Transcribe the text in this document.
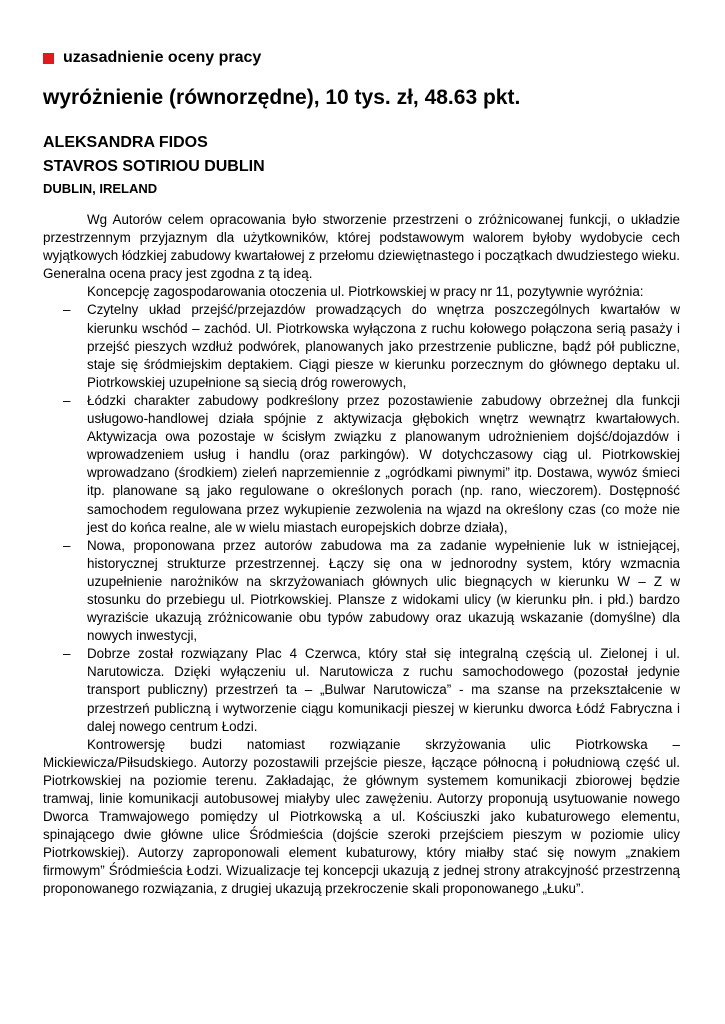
uzasadnienie oceny pracy
wyróżnienie (równorzędne), 10 tys. zł, 48.63 pkt.
ALEKSANDRA FIDOS
STAVROS SOTIRIOU DUBLIN
DUBLIN, IRELAND

Wg Autorów celem opracowania było stworzenie przestrzeni o zróżnicowanej funkcji, o układzie przestrzennym przyjaznym dla użytkowników, której podstawowym walorem byłoby wydobycie cech wyjątkowych łódzkiej zabudowy kwartałowej z przełomu dziewiętnastego i początkach dwudziestego wieku. Generalna ocena pracy jest zgodna z tą ideą.

Koncepcję zagospodarowania otoczenia ul. Piotrkowskiej w pracy nr 11, pozytywnie wyróżnia:

– Czytelny układ przejść/przejazdów prowadzących do wnętrza poszczególnych kwartałów w kierunku wschód – zachód. Ul. Piotrkowska wyłączona z ruchu kołowego połączona serią pasaży i przejść pieszych wzdłuż podwórek, planowanych jako przestrzenie publiczne, bądź pół publiczne, staje się śródmiejskim deptakiem. Ciągi piesze w kierunku porzecznym do głównego deptaku ul. Piotrkowskiej uzupełnione są siecią dróg rowerowych,
– Łódzki charakter zabudowy podkreślony przez pozostawienie zabudowy obrzeżnej dla funkcji usługowo-handlowej działa spójnie z aktywizacja głębokich wnętrz wewnątrz kwartałowych. Aktywizacja owa pozostaje w ścisłym związku z planowanym udrożnieniem dojść/dojazdów i wprowadzeniem usług i handlu (oraz parkingów). W dotychczasowy ciąg ul. Piotrkowskiej wprowadzano (środkiem) zieleń naprzemiennie z „ogródkami piwnymi” itp. Dostawa, wywóz śmieci itp. planowane są jako regulowane o określonych porach (np. rano, wieczorem). Dostępność samochodem regulowana przez wykupienie zezwolenia na wjazd na określony czas (co może nie jest do końca realne, ale w wielu miastach europejskich dobrze działa),
– Nowa, proponowana przez autorów zabudowa ma za zadanie wypełnienie luk w istniejącej, historycznej strukturze przestrzennej. Łączy się ona w jednorodny system, który wzmacnia uzupełnienie narożników na skrzyżowaniach głównych ulic biegnących w kierunku W – Z w stosunku do przebiegu ul. Piotrkowskiej. Plansze z widokami ulicy (w kierunku płn. i płd.) bardzo wyraziście ukazują zróżnicowanie obu typów zabudowy oraz ukazują wskazanie (domyślne) dla nowych inwestycji,
– Dobrze został rozwiązany Plac 4 Czerwca, który stał się integralną częścią ul. Zielonej i ul. Narutowicza. Dzięki wyłączeniu ul. Narutowicza z ruchu samochodowego (pozostał jedynie transport publiczny) przestrzeń ta – „Bulwar Narutowicza” - ma szanse na przekształcenie w przestrzeń publiczną i wytworzenie ciągu komunikacji pieszej w kierunku dworca Łódź Fabryczna i dalej nowego centrum Łodzi.

Kontrowersję budzi natomiast rozwiązanie skrzyżowania ulic Piotrkowska – Mickiewicza/Piłsudskiego. Autorzy pozostawili przejście piesze, łączące północną i południową część ul. Piotrkowskiej na poziomie terenu. Zakładając, że głównym systemem komunikacji zbiorowej będzie tramwaj, linie komunikacji autobusowej miałyby ulec zawężeniu. Autorzy proponują usytuowanie nowego Dworca Tramwajowego pomiędzy ul Piotrkowską a ul. Kościuszki jako kubaturowego elementu, spinającego dwie główne ulice Śródmieścia (dojście szeroki przejściem pieszym w poziomie ulicy Piotrkowskiej). Autorzy zaproponowali element kubaturowy, który miałby stać się nowym „znakiem firmowym” Śródmieścia Łodzi. Wizualizacje tej koncepcji ukazują z jednej strony atrakcyjność przestrzenną proponowanego rozwiązania, z drugiej ukazują przekroczenie skali proponowanego „Łuku”.
